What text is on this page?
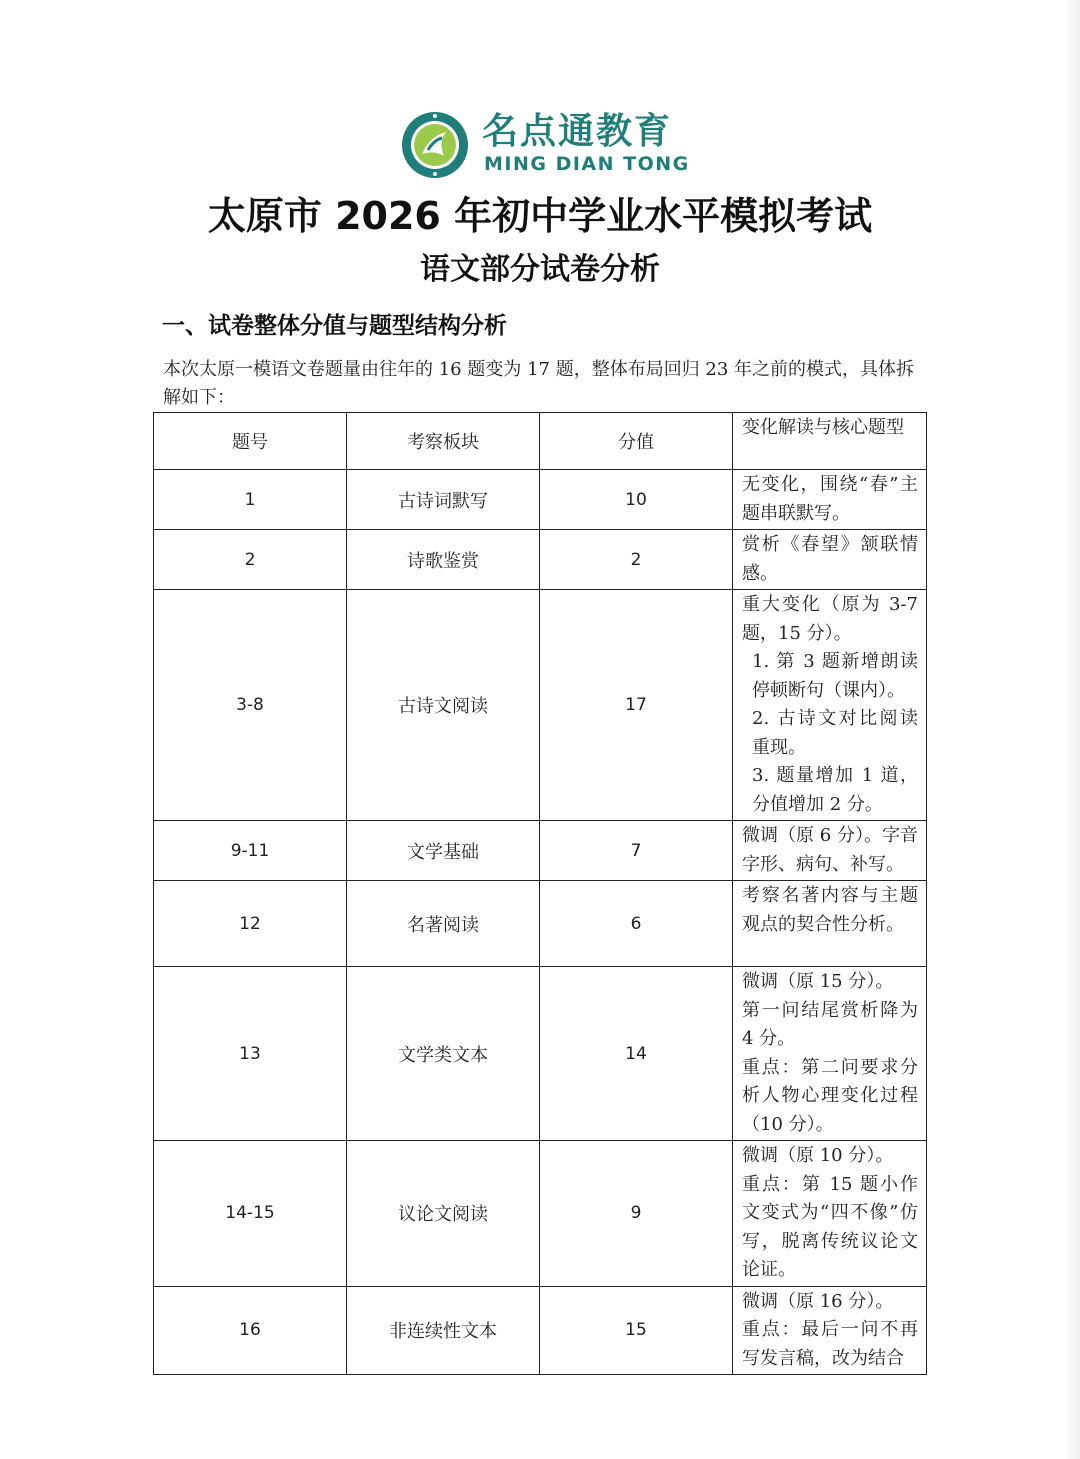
名点通教育
MING DIAN TONG
太原市 2026 年初中学业水平模拟考试
语文部分试卷分析
一、试卷整体分值与题型结构分析
本次太原一模语文卷题量由往年的 16 题变为 17 题，整体布局回归 23 年之前的模式，具体拆解如下：
题号	考察板块	分值	变化解读与核心题型
1	古诗词默写	10	无变化，围绕“春”主题串联默写。

2	诗歌鉴赏	2	赏析《春望》颔联情感。

3-8	古诗文阅读	17	重大变化（原为 3-7 题，15 分）。
1. 第 3 题新增朗读停顿断句（课内）。
2. 古诗文对比阅读重现。
3. 题量增加 1 道，分值增加 2 分。

9-11	文学基础	7	微调（原 6 分）。字音字形、病句、补写。

12	名著阅读	6	考察名著内容与主题观点的契合性分析。

13	文学类文本	14	微调（原 15 分）。
第一问结尾赏析降为 4 分。
重点：第二问要求分析人物心理变化过程（10 分）。

14-15	议论文阅读	9	微调（原 10 分）。
重点：第 15 题小作文变式为“四不像”仿写，脱离传统议论文论证。

16	非连续性文本	15	微调（原 16 分）。
重点：最后一问不再写发言稿，改为结合
